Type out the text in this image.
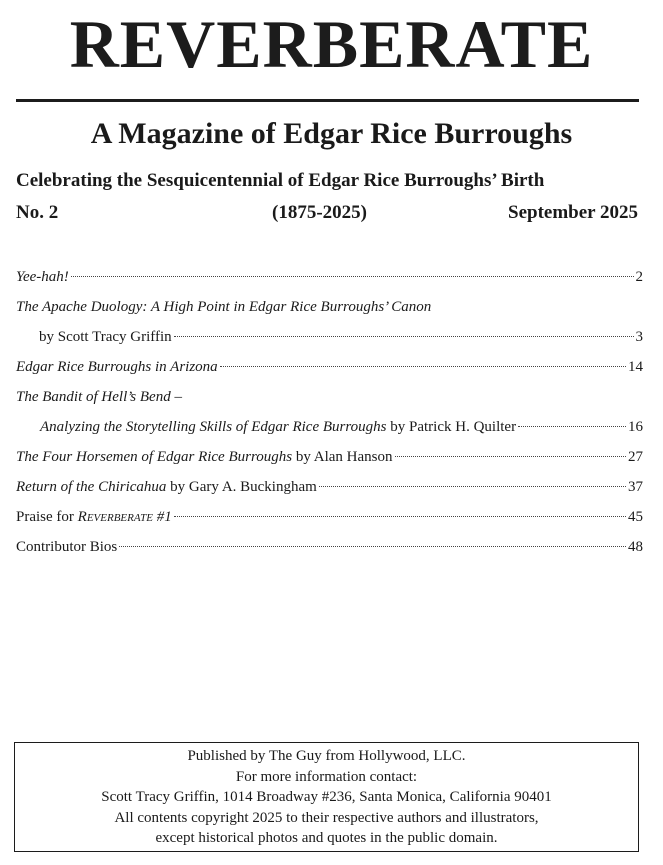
REVERBERATE
A Magazine of Edgar Rice Burroughs
Celebrating the Sesquicentennial of Edgar Rice Burroughs’ Birth
No. 2	(1875-2025)	September 2025
Yee-hah!	2
The Apache Duology: A High Point in Edgar Rice Burroughs’ Canon
by Scott Tracy Griffin	3
Edgar Rice Burroughs in Arizona	14
The Bandit of Hell’s Bend –
Analyzing the Storytelling Skills of Edgar Rice Burroughs by Patrick H. Quilter	16
The Four Horsemen of Edgar Rice Burroughs by Alan Hanson	27
Return of the Chiricahua by Gary A. Buckingham	37
Praise for Reverberate #1	45
Contributor Bios	48
Published by The Guy from Hollywood, LLC.
For more information contact:
Scott Tracy Griffin, 1014 Broadway #236, Santa Monica, California 90401
All contents copyright 2025 to their respective authors and illustrators,
except historical photos and quotes in the public domain.
